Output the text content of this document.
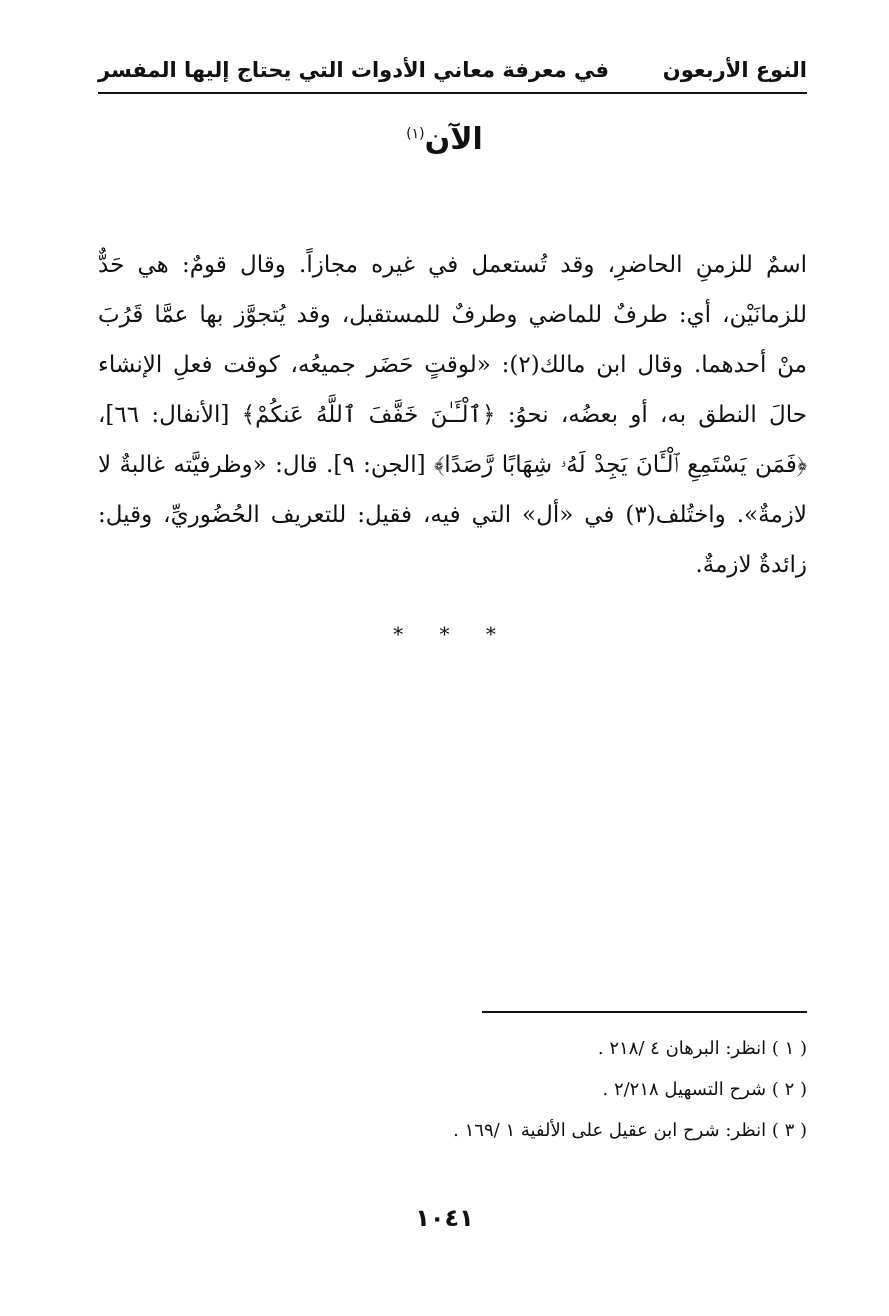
النوع الأربعون
في معرفة معاني الأدوات التي يحتاج إليها المفسر
الآن$^{(١)}$

اسمٌ للزمنِ الحاضرِ، وقد تُستعمل في غيره مجازاً. وقال قومٌ: هي حَدٌّ للزمانَيْن، أي: طرفٌ للماضي وطرفٌ للمستقبل، وقد يُتجوَّز بها عمَّا قَرُبَ منْ أحدهما. وقال ابن مالك(٢): «لوقتٍ حَضَر جميعُه، كوقت فعلِ الإنشاء حالَ النطق به، أو بعضُه، نحوُ: ﴿ٱلْـَٔـٰنَ خَفَّفَ ٱللَّهُ عَنكُمْ﴾ [الأنفال: ٦٦]، ﴿فَمَن يَسْتَمِعِ ٱلْـَٔانَ يَجِدْ لَهُۥ شِهَابًا رَّصَدًا﴾ [الجن: ٩]. قال: «وظرفيَّته غالبةٌ لا لازمةٌ». واختُلف(٣) في «أل» التي فيه، فقيل: للتعريف الحُضُوريِّ، وقيل: زائدةٌ لازمةٌ.

* * *
( ١ ) انظر: البرهان ٤ /٢١٨ .
( ٢ ) شرح التسهيل ٢/٢١٨ .
( ٣ ) انظر: شرح ابن عقيل على الألفية ١ /١٦٩ .
١٠٤١
